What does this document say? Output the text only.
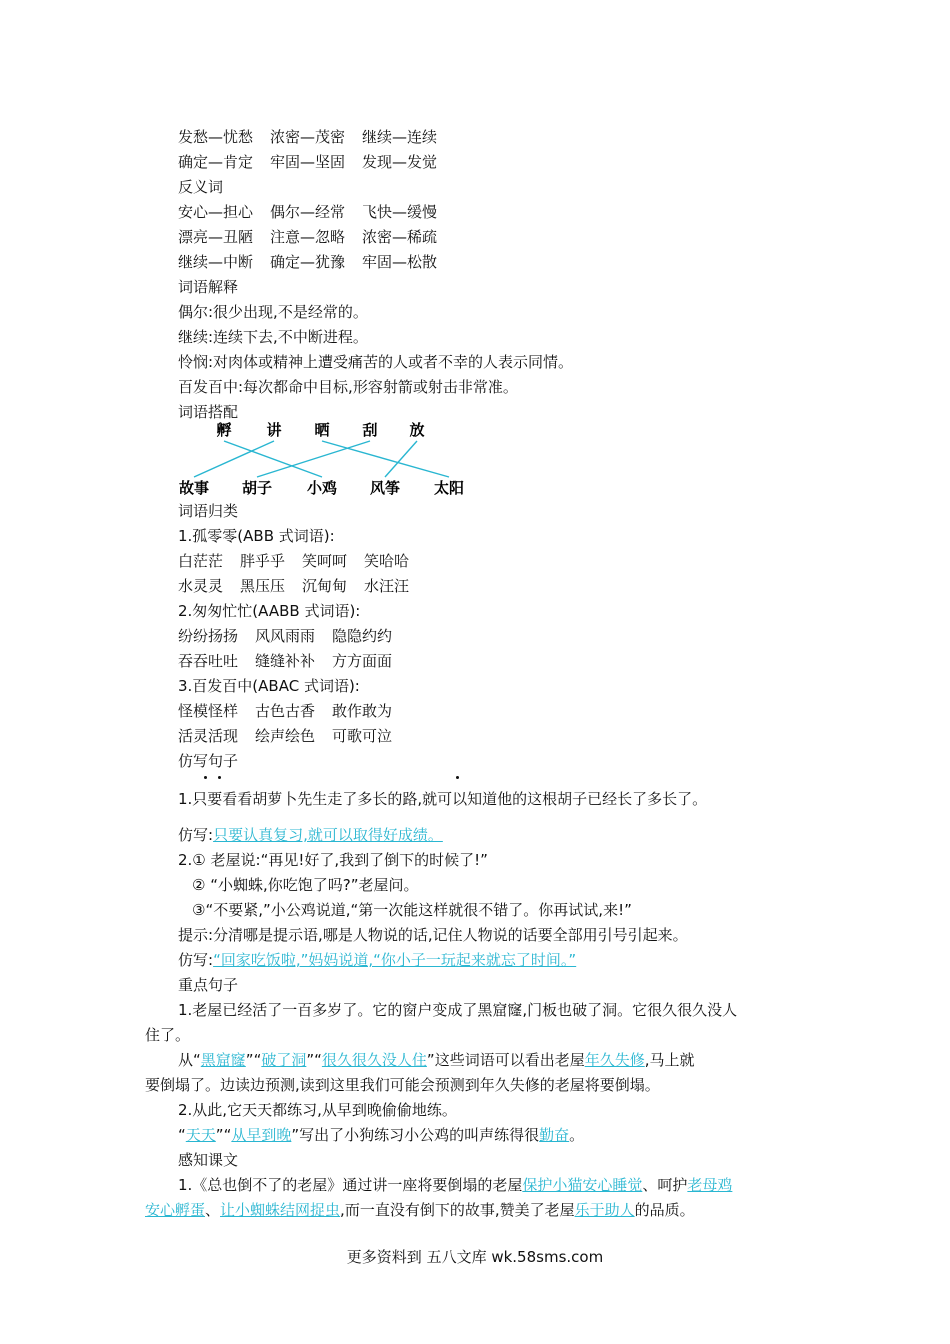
发愁—忧愁 浓密—茂密 继续—连续
确定—肯定 牢固—坚固 发现—发觉
反义词
安心—担心 偶尔—经常 飞快—缓慢
漂亮—丑陋 注意—忽略 浓密—稀疏
继续—中断 确定—犹豫 牢固—松散
词语解释
偶尔:很少出现,不是经常的。
继续:连续下去,不中断进程。
怜悯:对肉体或精神上遭受痛苦的人或者不幸的人表示同情。
百发百中:每次都命中目标,形容射箭或射击非常准。
词语搭配
孵 讲 晒 刮 放
故事 胡子 小鸡 风筝 太阳
词语归类
1.孤零零(ABB 式词语):
白茫茫 胖乎乎 笑呵呵 笑哈哈
水灵灵 黑压压 沉甸甸 水汪汪
2.匆匆忙忙(AABB 式词语):
纷纷扬扬 风风雨雨 隐隐约约
吞吞吐吐 缝缝补补 方方面面
3.百发百中(ABAC 式词语):
怪模怪样 古色古香 敢作敢为
活灵活现 绘声绘色 可歌可泣
仿写句子
1.只要看看胡萝卜先生走了多长的路,就可以知道他的这根胡子已经长了多长了。
仿写:只要认真复习,就可以取得好成绩。
2.① 老屋说:“再见!好了,我到了倒下的时候了!”
② “小蜘蛛,你吃饱了吗?”老屋问。
③“不要紧,”小公鸡说道,“第一次能这样就很不错了。你再试试,来!”
提示:分清哪是提示语,哪是人物说的话,记住人物说的话要全部用引号引起来。
仿写:“回家吃饭啦,”妈妈说道,“你小子一玩起来就忘了时间。”
重点句子
1.老屋已经活了一百多岁了。它的窗户变成了黑窟窿,门板也破了洞。它很久很久没人
住了。
从“黑窟窿”“破了洞”“很久很久没人住”这些词语可以看出老屋年久失修,马上就
要倒塌了。边读边预测,读到这里我们可能会预测到年久失修的老屋将要倒塌。
2.从此,它天天都练习,从早到晚偷偷地练。
“天天”“从早到晚”写出了小狗练习小公鸡的叫声练得很勤奋。
感知课文
1.《总也倒不了的老屋》通过讲一座将要倒塌的老屋保护小猫安心睡觉、呵护老母鸡
安心孵蛋、让小蜘蛛结网捉虫,而一直没有倒下的故事,赞美了老屋乐于助人的品质。
更多资料到 五八文库 wk.58sms.com
